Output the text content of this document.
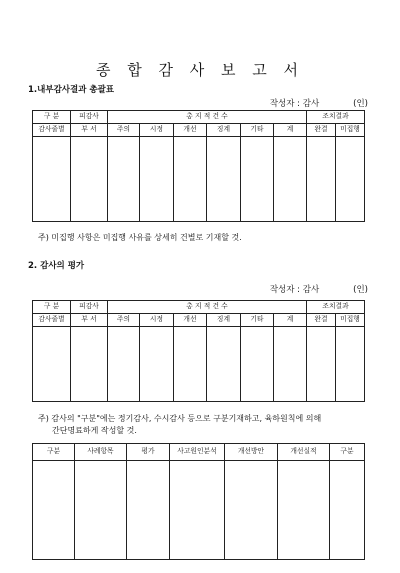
종 합 감 사 보 고 서
1.내부감사결과 총괄표
작성자 : 감사	(인)
구 분	피감사	총 지 적 건 수						조치결과	
감사줄별	부 서	주의	시정	개선	징계	기타	계	완결	미집행

주) 미집행 사항은 미집행 사유를 상세히 건별로 기재할 것.
2. 감사의 평가
작성자 : 감사	(인)
구 분	피감사	총 지 적 건 수						조치결과	
감사줄별	부 서	주의	시정	개선	징계	기타	계	완결	미집행

주) 감사의 "구분"에는 정기감사, 수시감사 등으로 구분기재하고, 육하원칙에 의해
간단명료하게 작성할 것.
구분	사례항목	평가	사고원인분석	개선방안	개선실적	구분
